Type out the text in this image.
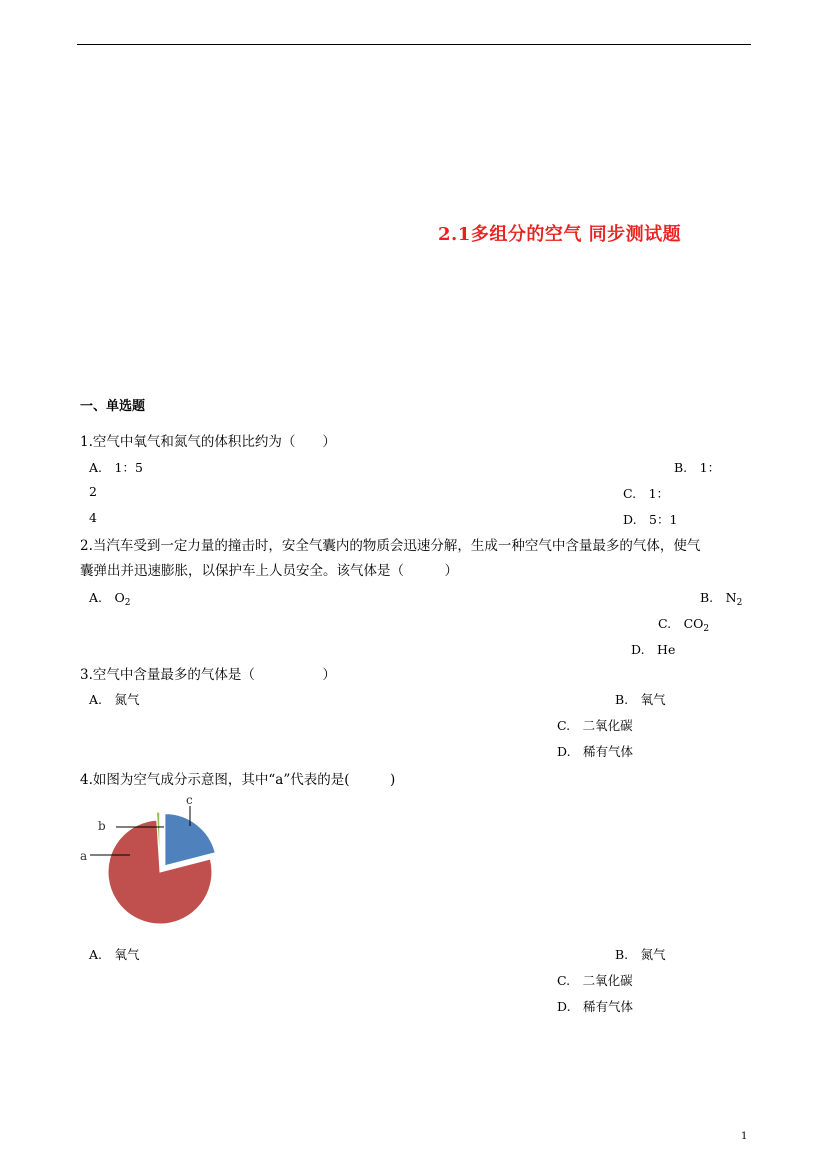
2.1多组分的空气 同步测试题
一、单选题
1.空气中氧气和氮气的体积比约为（　　）
A.　1：5	B.　1：
2	C.　1：
4	D.　5：1
2.当汽车受到一定力量的撞击时，安全气囊内的物质会迅速分解，生成一种空气中含量最多的气体，使气
囊弹出并迅速膨胀，以保护车上人员安全。该气体是（　　　）
A.　$O_2$	B.　$N_2$
C.　$CO_2$
D.　He
3.空气中含量最多的气体是（　　　　　）
A.　氮气	B.　氧气
C.　二氧化碳
D.　稀有气体
4.如图为空气成分示意图，其中“a”代表的是(　　　)
a
b
c
A.　氧气	B.　氮气
C.　二氧化碳
D.　稀有气体
1
